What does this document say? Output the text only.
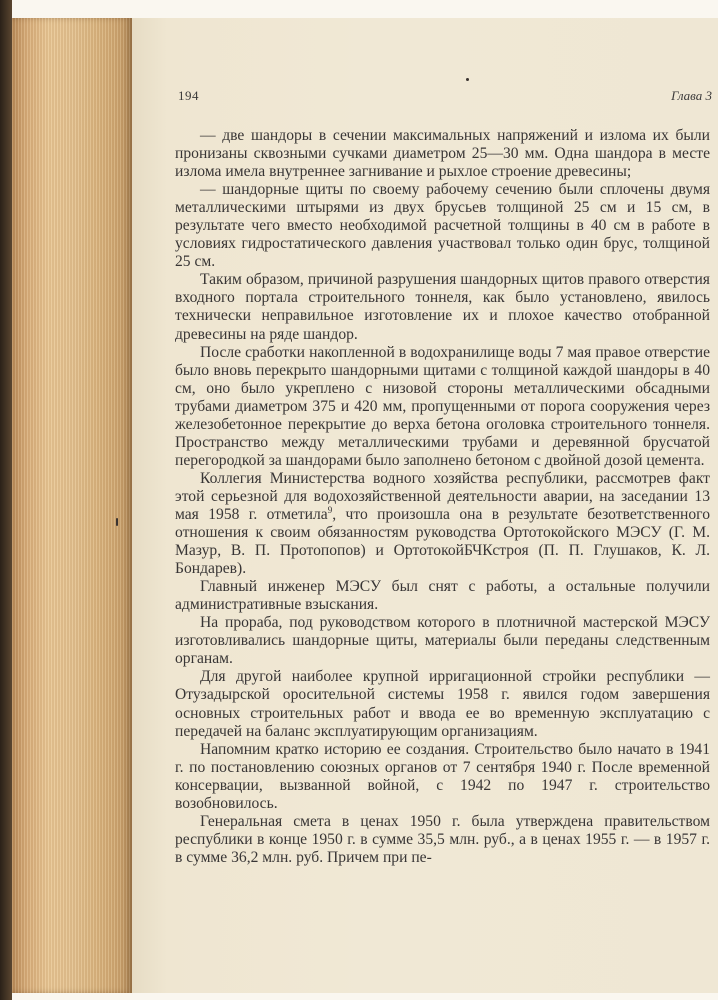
194	Глава 3

— две шандоры в сечении максимальных напряжений и излома их были пронизаны сквозными сучками диаметром 25—30 мм. Одна шандора в месте излома имела внутреннее загнивание и рыхлое строение древесины;

— шандорные щиты по своему рабочему сечению были сплочены двумя металлическими штырями из двух брусьев толщиной 25 см и 15 см, в результате чего вместо необходимой расчетной толщины в 40 см в работе в условиях гидростатического давления участвовал только один брус, толщиной 25 см.

Таким образом, причиной разрушения шандорных щитов правого отверстия входного портала строительного тоннеля, как было установлено, явилось технически неправильное изготовление их и плохое качество отобранной древесины на ряде шандор.

После сработки накопленной в водохранилище воды 7 мая правое отверстие было вновь перекрыто шандорными щитами с толщиной каждой шандоры в 40 см, оно было укреплено с низовой стороны металлическими обсадными трубами диаметром 375 и 420 мм, пропущенными от порога сооружения через железобетонное перекрытие до верха бетона оголовка строительного тоннеля. Пространство между металлическими трубами и деревянной брусчатой перегородкой за шандорами было заполнено бетоном с двойной дозой цемента.

Коллегия Министерства водного хозяйства республики, рассмотрев факт этой серьезной для водохозяйственной деятельности аварии, на заседании 13 мая 1958 г. отметила$^9$, что произошла она в результате безответственного отношения к своим обязанностям руководства Ортотокойского МЭСУ (Г. М. Мазур, В. П. Протопопов) и ОртотокойБЧКстроя (П. П. Глушаков, К. Л. Бондарев).

Главный инженер МЭСУ был снят с работы, а остальные получили административные взыскания.

На прораба, под руководством которого в плотничной мастерской МЭСУ изготовливались шандорные щиты, материалы были переданы следственным органам.

Для другой наиболее крупной ирригационной стройки республики — Отузадырской оросительной системы 1958 г. явился годом завершения основных строительных работ и ввода ее во временную эксплуатацию с передачей на баланс эксплуатирующим организациям.

Напомним кратко историю ее создания. Строительство было начато в 1941 г. по постановлению союзных органов от 7 сентября 1940 г. После временной консервации, вызванной войной, с 1942 по 1947 г. строительство возобновилось.

Генеральная смета в ценах 1950 г. была утверждена правительством республики в конце 1950 г. в сумме 35,5 млн. руб., а в ценах 1955 г. — в 1957 г. в сумме 36,2 млн. руб. Причем при пе-
